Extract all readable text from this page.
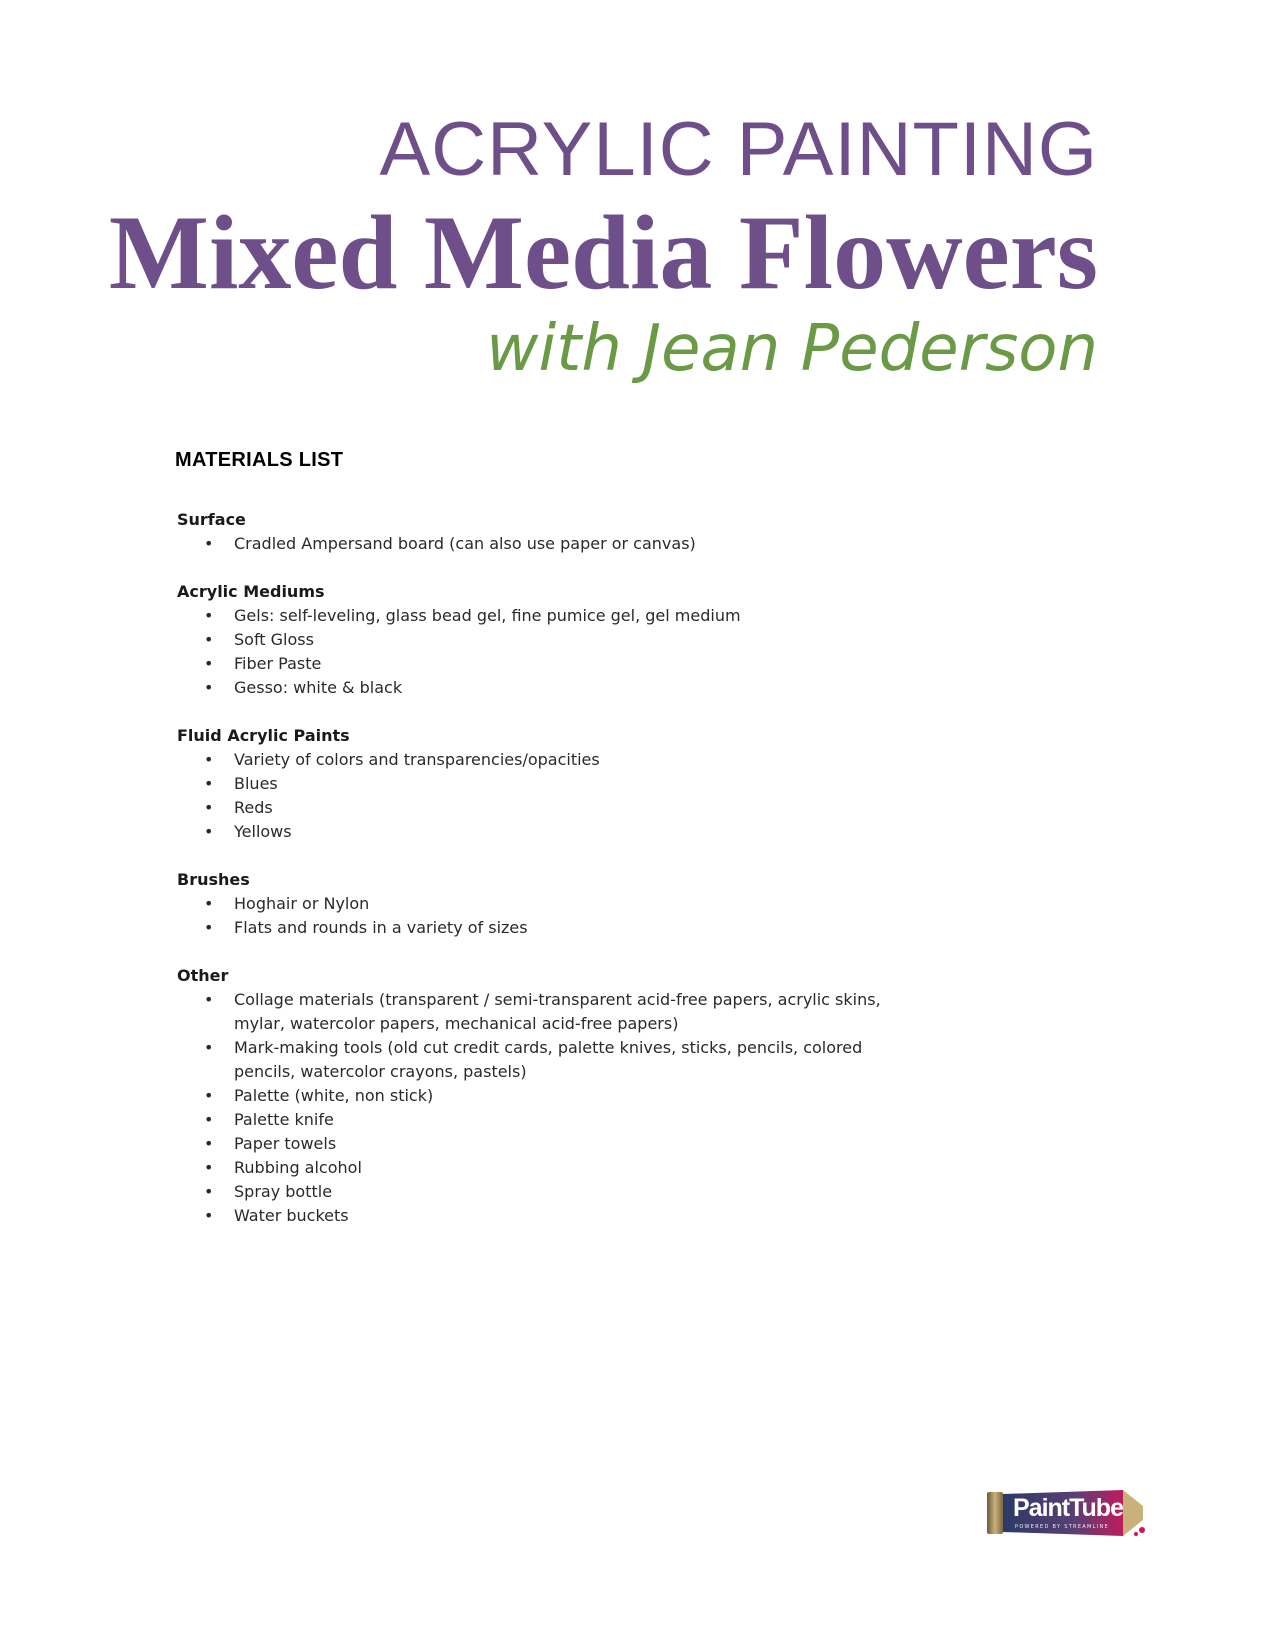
ACRYLIC PAINTING
Mixed Media Flowers
with Jean Pederson
MATERIALS LIST
Surface
• Cradled Ampersand board (can also use paper or canvas)
Acrylic Mediums
• Gels: self-leveling, glass bead gel, fine pumice gel, gel medium
• Soft Gloss
• Fiber Paste
• Gesso: white & black
Fluid Acrylic Paints
• Variety of colors and transparencies/opacities
• Blues
• Reds
• Yellows
Brushes
• Hoghair or Nylon
• Flats and rounds in a variety of sizes
Other
• Collage materials (transparent / semi-transparent acid-free papers, acrylic skins, mylar, watercolor papers, mechanical acid-free papers)
• Mark-making tools (old cut credit cards, palette knives, sticks, pencils, colored pencils, watercolor crayons, pastels)
• Palette (white, non stick)
• Palette knife
• Paper towels
• Rubbing alcohol
• Spray bottle
• Water buckets
PaintTube
POWERED BY STREAMLINE
